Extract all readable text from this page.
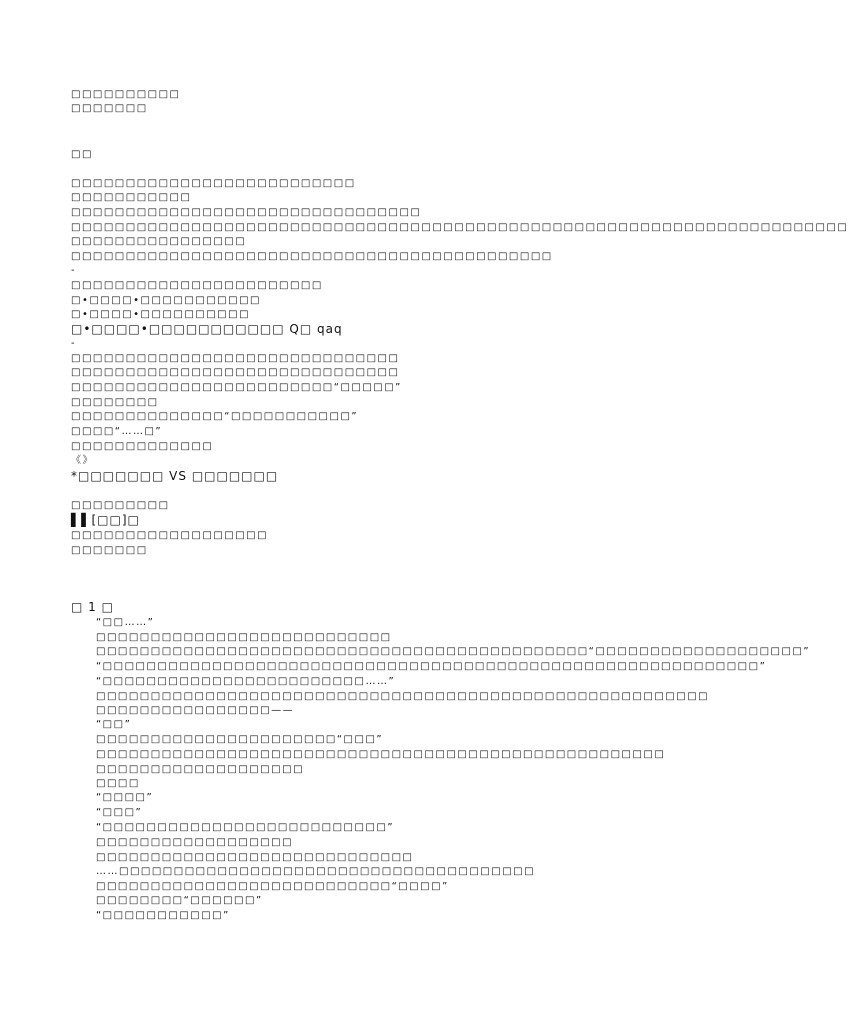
□□□□□□□□□□
□□□□□□□
□□
□□□□□□□□□□□□□□□□□□□□□□□□□□
□□□□□□□□□□□
□□□□□□□□□□□□□□□□□□□□□□□□□□□□□□□□
□□□□□□□□□□□□□□□□□□□□□□□□□□□□□□□□□□□□□□□□□□□□□□□□□□□□□□□□□□□□□□□□□□□□□□□
□□□□□□□□□□□□□□□□
□□□□□□□□□□□□□□□□□□□□□□□□□□□□□□□□□□□□□□□□□□□□
-
□□□□□□□□□□□□□□□□□□□□□□□
□•□□□□•□□□□□□□□□□□
□•□□□□•□□□□□□□□□□
□•□□□□•□□□□□□□□□□□ Q□ qaq
-
□□□□□□□□□□□□□□□□□□□□□□□□□□□□□□
□□□□□□□□□□□□□□□□□□□□□□□□□□□□□□
□□□□□□□□□□□□□□□□□□□□□□□□“□□□□□”
□□□□□□□□
□□□□□□□□□□□□□□“□□□□□□□□□□□”
□□□□“……□”
□□□□□□□□□□□□□
《》
*□□□□□□□ VS □□□□□□□
□□□□□□□□□
▌▌[□□]□
□□□□□□□□□□□□□□□□□□
□□□□□□□
□ 1 □
“□□……”
□□□□□□□□□□□□□□□□□□□□□□□□□□□
□□□□□□□□□□□□□□□□□□□□□□□□□□□□□□□□□□□□□□□□□□□□□“□□□□□□□□□□□□□□□□□□□”
“□□□□□□□□□□□□□□□□□□□□□□□□□□□□□□□□□□□□□□□□□□□□□□□□□□□□□□□□□□□□”
“□□□□□□□□□□□□□□□□□□□□□□□□……”
□□□□□□□□□□□□□□□□□□□□□□□□□□□□□□□□□□□□□□□□□□□□□□□□□□□□□□□□
□□□□□□□□□□□□□□□□——
“□□”
□□□□□□□□□□□□□□□□□□□□□□“□□□”
□□□□□□□□□□□□□□□□□□□□□□□□□□□□□□□□□□□□□□□□□□□□□□□□□□□□
□□□□□□□□□□□□□□□□□□□
□□□□
“□□□□”
“□□□”
“□□□□□□□□□□□□□□□□□□□□□□□□□□”
□□□□□□□□□□□□□□□□□□
□□□□□□□□□□□□□□□□□□□□□□□□□□□□□
……□□□□□□□□□□□□□□□□□□□□□□□□□□□□□□□□□□□□□□
□□□□□□□□□□□□□□□□□□□□□□□□□□□“□□□□”
□□□□□□□□“□□□□□□”
“□□□□□□□□□□□”
